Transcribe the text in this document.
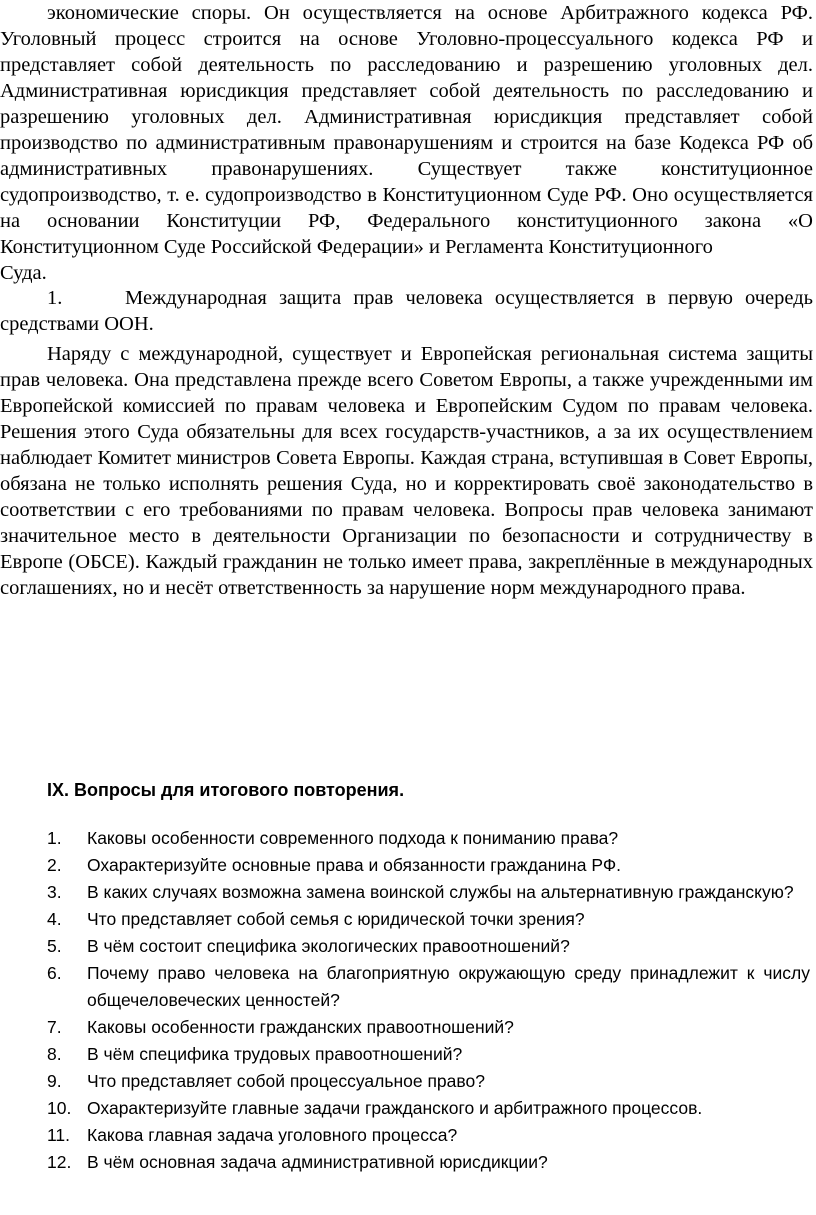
экономические споры. Он осуществляется на основе Арбитражного кодекса РФ. Уголовный процесс строится на основе Уголовно-процессуального кодекса РФ и представляет собой деятельность по расследованию и разрешению уголовных дел. Административная юрисдикция представляет собой деятельность по расследованию и разрешению уголовных дел. Административная юрисдикция представляет собой производство по административным правонарушениям и строится на базе Кодекса РФ об административных правонарушениях. Существует также конституционное судопроизводство, т. е. судопроизводство в Конституционном Суде РФ. Оно осуществляется на основании Конституции РФ, Федерального конституционного закона «О Конституционном Суде Российской Федерации» и Регламента Конституционного
Суда.

1.	Международная защита прав человека осуществляется в первую очередь средствами ООН.

Наряду с международной, существует и Европейская региональная система защиты прав человека. Она представлена прежде всего Советом Европы, а также учрежденными им Европейской комиссией по правам человека и Европейским Судом по правам человека. Решения этого Суда обязательны для всех государств-участников, а за их осуществлением наблюдает Комитет министров Совета Европы. Каждая страна, вступившая в Совет Европы, обязана не только исполнять решения Суда, но и корректировать своё законодательство в соответствии с его требованиями по правам человека. Вопросы прав человека занимают значительное место в деятельности Организации по безопасности и сотрудничеству в Европе (ОБСЕ). Каждый гражданин не только имеет права, закреплённые в международных соглашениях, но и несёт ответственность за нарушение норм международного права.

IX. Вопросы для итогового повторения.
1. Каковы особенности современного подхода к пониманию права?
2. Охарактеризуйте основные права и обязанности гражданина РФ.
3. В каких случаях возможна замена воинской службы на альтернативную гражданскую?
4. Что представляет собой семья с юридической точки зрения?
5. В чём состоит специфика экологических правоотношений?
6. Почему право человека на благоприятную окружающую среду принадлежит к числу общечеловеческих ценностей?
7. Каковы особенности гражданских правоотношений?
8. В чём специфика трудовых правоотношений?
9. Что представляет собой процессуальное право?
10. Охарактеризуйте главные задачи гражданского и арбитражного процессов.
11. Какова главная задача уголовного процесса?
12. В чём основная задача административной юрисдикции?
